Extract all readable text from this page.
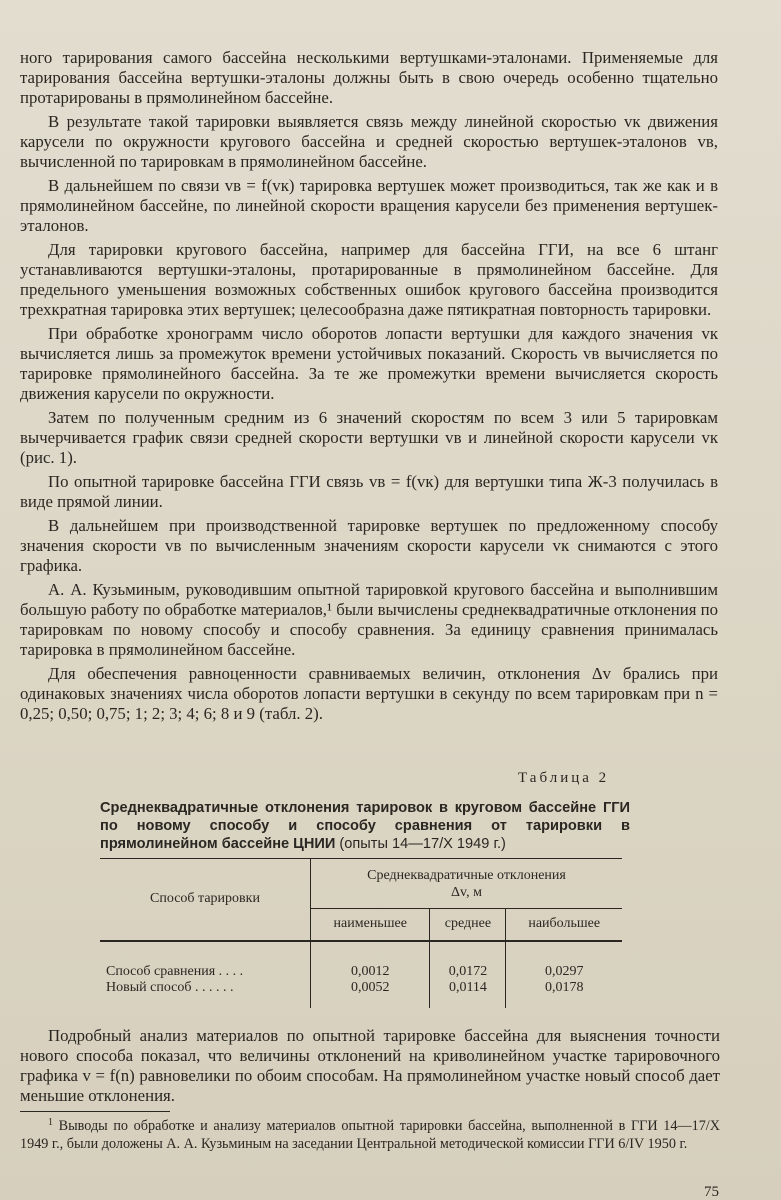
ного тарирования самого бассейна несколькими вертушками-эталонами. Применяемые для тарирования бассейна вертушки-эталоны должны быть в свою очередь особенно тщательно протарированы в прямолинейном бассейне.

В результате такой тарировки выявляется связь между линейной скоростью vк движения карусели по окружности кругового бассейна и средней скоростью вертушек-эталонов vв, вычисленной по тарировкам в прямолинейном бассейне.

В дальнейшем по связи vв = f(vк) тарировка вертушек может производиться, так же как и в прямолинейном бассейне, по линейной скорости вращения карусели без применения вертушек-эталонов.

Для тарировки кругового бассейна, например для бассейна ГГИ, на все 6 штанг устанавливаются вертушки-эталоны, протарированные в прямолинейном бассейне. Для предельного уменьшения возможных собственных ошибок кругового бассейна производится трехкратная тарировка этих вертушек; целесообразна даже пятикратная повторность тарировки.

При обработке хронограмм число оборотов лопасти вертушки для каждого значения vк вычисляется лишь за промежуток времени устойчивых показаний. Скорость vв вычисляется по тарировке прямолинейного бассейна. За те же промежутки времени вычисляется скорость движения карусели по окружности.

Затем по полученным средним из 6 значений скоростям по всем 3 или 5 тарировкам вычерчивается график связи средней скорости вертушки vв и линейной скорости карусели vк (рис. 1).

По опытной тарировке бассейна ГГИ связь vв = f(vк) для вертушки типа Ж-3 получилась в виде прямой линии.

В дальнейшем при производственной тарировке вертушек по предложенному способу значения скорости vв по вычисленным значениям скорости карусели vк снимаются с этого графика.

А. А. Кузьминым, руководившим опытной тарировкой кругового бассейна и выполнившим большую работу по обработке материалов,¹ были вычислены среднеквадратичные отклонения по тарировкам по новому способу и способу сравнения. За единицу сравнения принималась тарировка в прямолинейном бассейне.

Для обеспечения равноценности сравниваемых величин, отклонения Δv брались при одинаковых значениях числа оборотов лопасти вертушки в секунду по всем тарировкам при n = 0,25; 0,50; 0,75; 1; 2; 3; 4; 6; 8 и 9 (табл. 2).

Таблица 2
Среднеквадратичные отклонения тарировок в круговом бассейне ГГИ по новому способу и способу сравнения от тарировки в прямолинейном бассейне ЦНИИ (опыты 14—17/X 1949 г.)
Способ тарировки	Среднеквадратичные отклонения
Δv, м		
	наименьшее	среднее	наибольшее

Способ сравнения . . . .	0,0012	0,0172	0,0297
Новый способ . . . . . .	0,0052	0,0114	0,0178

Подробный анализ материалов по опытной тарировке бассейна для выяснения точности нового способа показал, что величины отклонений на криволинейном участке тарировочного графика v = f(n) равновелики по обоим способам. На прямолинейном участке новый способ дает меньшие отклонения.

$^1$ Выводы по обработке и анализу материалов опытной тарировки бассейна, выполненной в ГГИ 14—17/X 1949 г., были доложены А. А. Кузьминым на заседании Центральной методической комиссии ГГИ 6/IV 1950 г.

75
